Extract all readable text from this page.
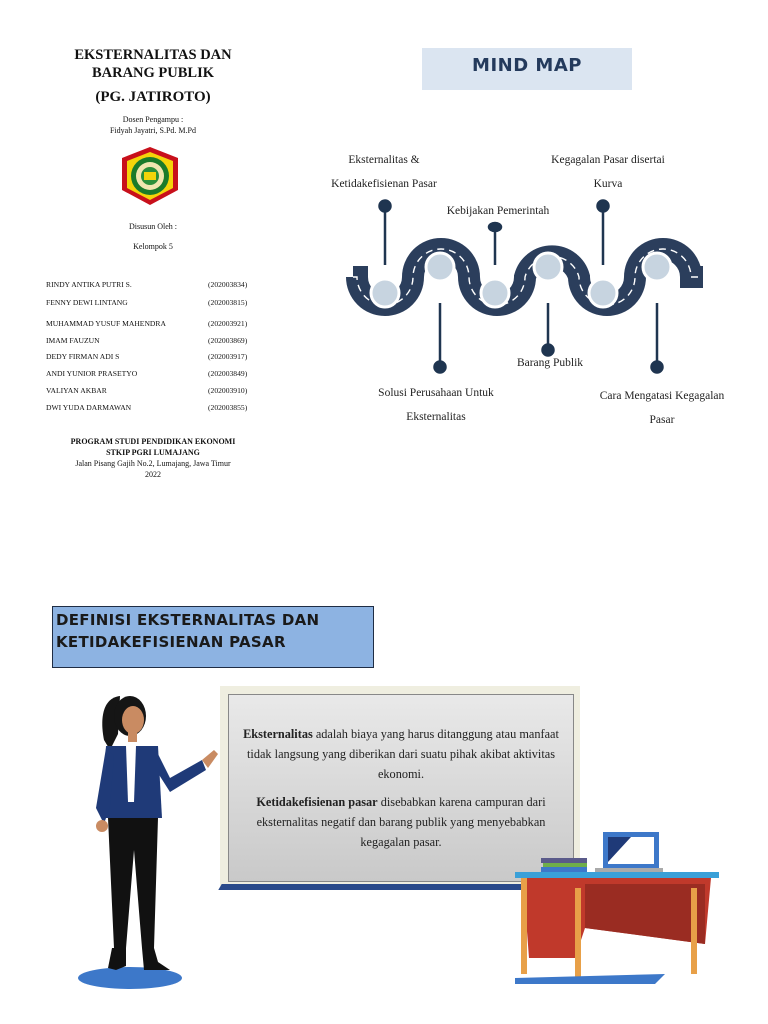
EKSTERNALITAS DAN
BARANG PUBLIK
(PG. JATIROTO)
Dosen Pengampu :
Fidyah Jayatri, S.Pd. M.Pd
Disusun Oleh :
Kelompok 5
RINDY ANTIKA PUTRI S.	(202003834)
FENNY DEWI LINTANG	(202003815)
MUHAMMAD YUSUF MAHENDRA	(202003921)
IMAM FAUZUN	(202003869)
DEDY FIRMAN ADI S	(202003917)
ANDI YUNIOR PRASETYO	(202003849)
VALIYAN AKBAR	(202003910)
DWI YUDA DARMAWAN	(202003855)
PROGRAM STUDI PENDIDIKAN EKONOMI
STKIP PGRI LUMAJANG
Jalan Pisang Gajih No.2, Lumajang, Jawa Timur
2022
MIND MAP
Eksternalitas &
Ketidakefisienan Pasar
Kebijakan Pemerintah
Kegagalan Pasar disertai
Kurva
Solusi Perusahaan Untuk
Eksternalitas
Barang Publik
Cara Mengatasi Kegagalan
Pasar
DEFINISI EKSTERNALITAS DAN
KETIDAKEFISIENAN PASAR

Eksternalitas adalah biaya yang harus ditanggung atau manfaat tidak langsung yang diberikan dari suatu pihak akibat aktivitas ekonomi.

Ketidakefisienan pasar disebabkan karena campuran dari eksternalitas negatif dan barang publik yang menyebabkan kegagalan pasar.
